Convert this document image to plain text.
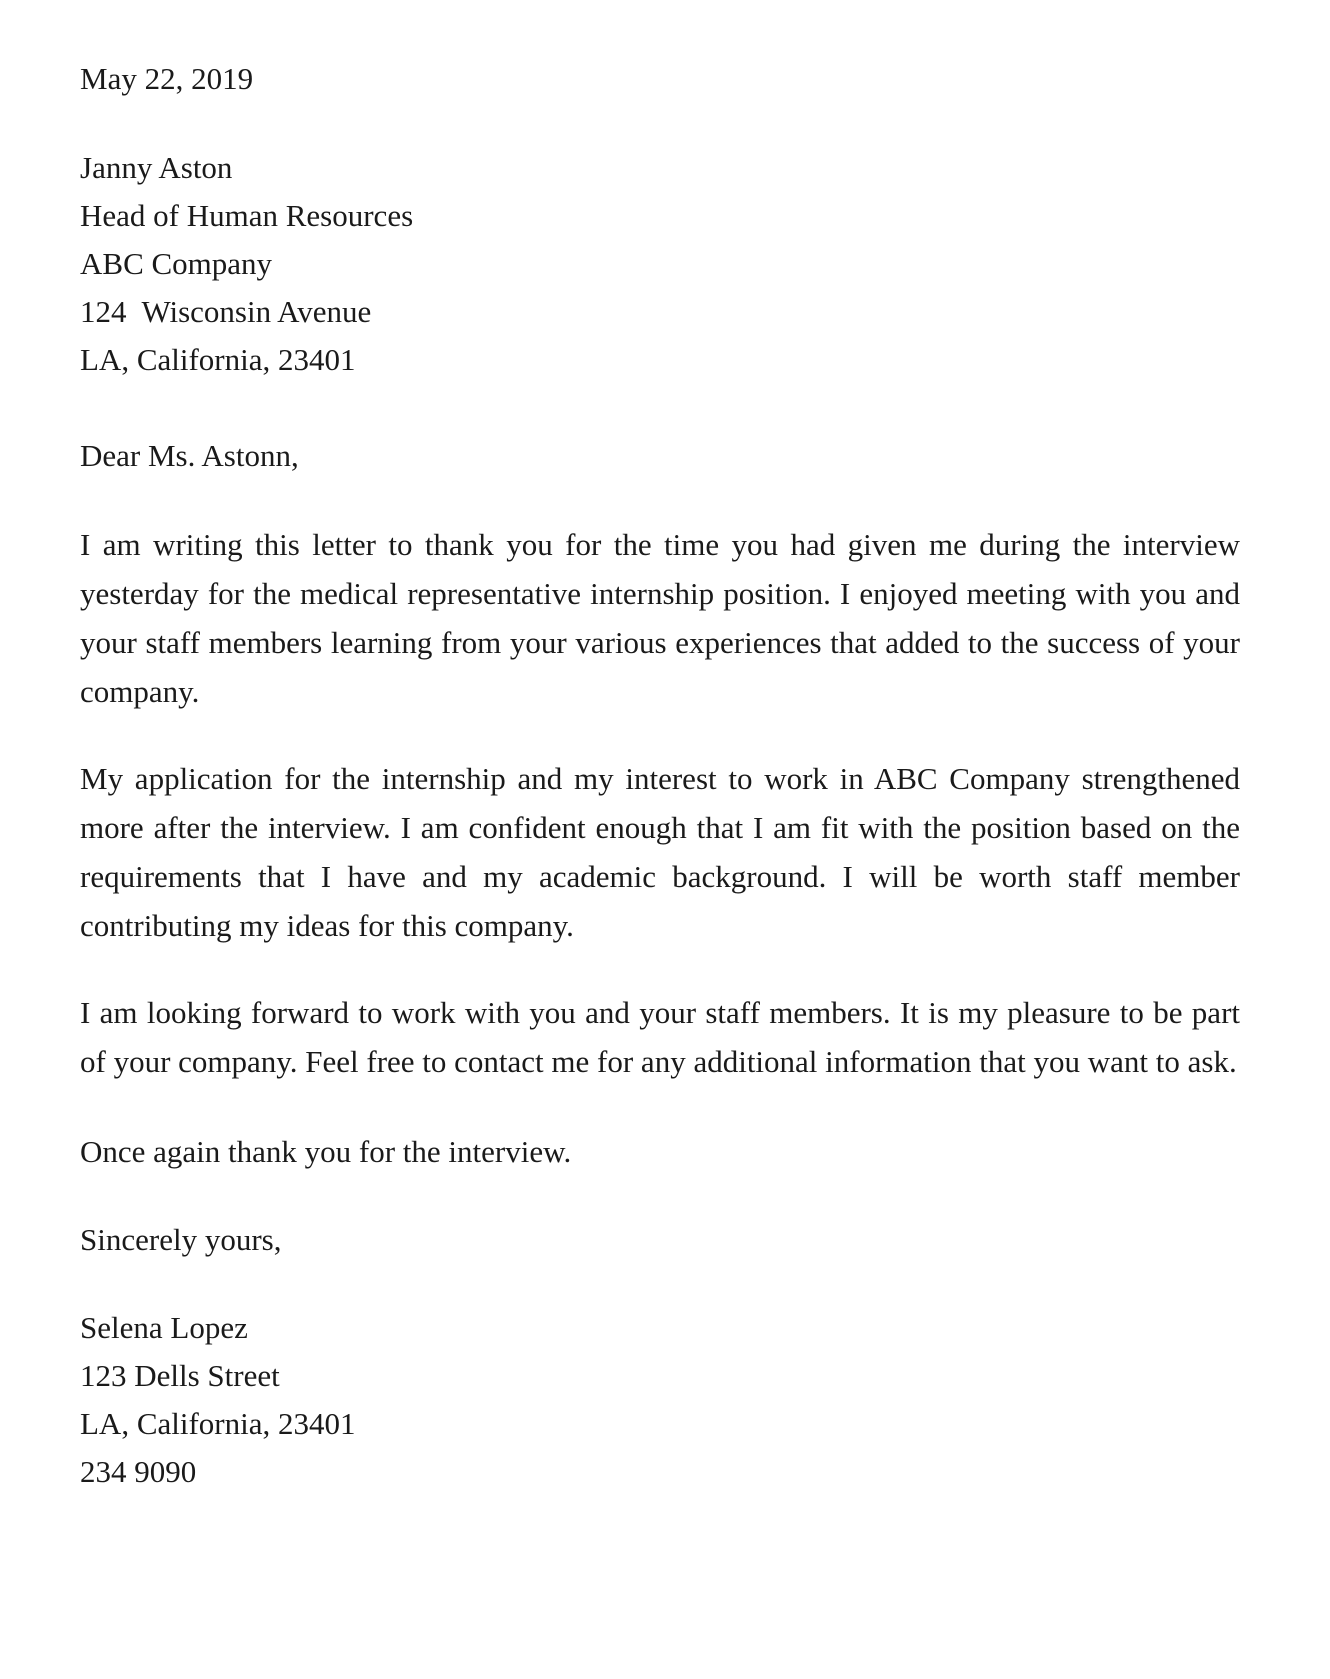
May 22, 2019
Janny Aston
Head of Human Resources
ABC Company
124  Wisconsin Avenue
LA, California, 23401
Dear Ms. Astonn,

I am writing this letter to thank you for the time you had given me during the interview yesterday for the medical representative internship position. I enjoyed meeting with you and your staff members learning from your various experiences that added to the success of your company.

My application for the internship and my interest to work in ABC Company strengthened more after the interview. I am confident enough that I am fit with the position based on the requirements that I have and my academic background. I will be worth staff member contributing my ideas for this company.

I am looking forward to work with you and your staff members. It is my pleasure to be part of your company. Feel free to contact me for any additional information that you want to ask.

Once again thank you for the interview.
Sincerely yours,
Selena Lopez
123 Dells Street
LA, California, 23401
234 9090
